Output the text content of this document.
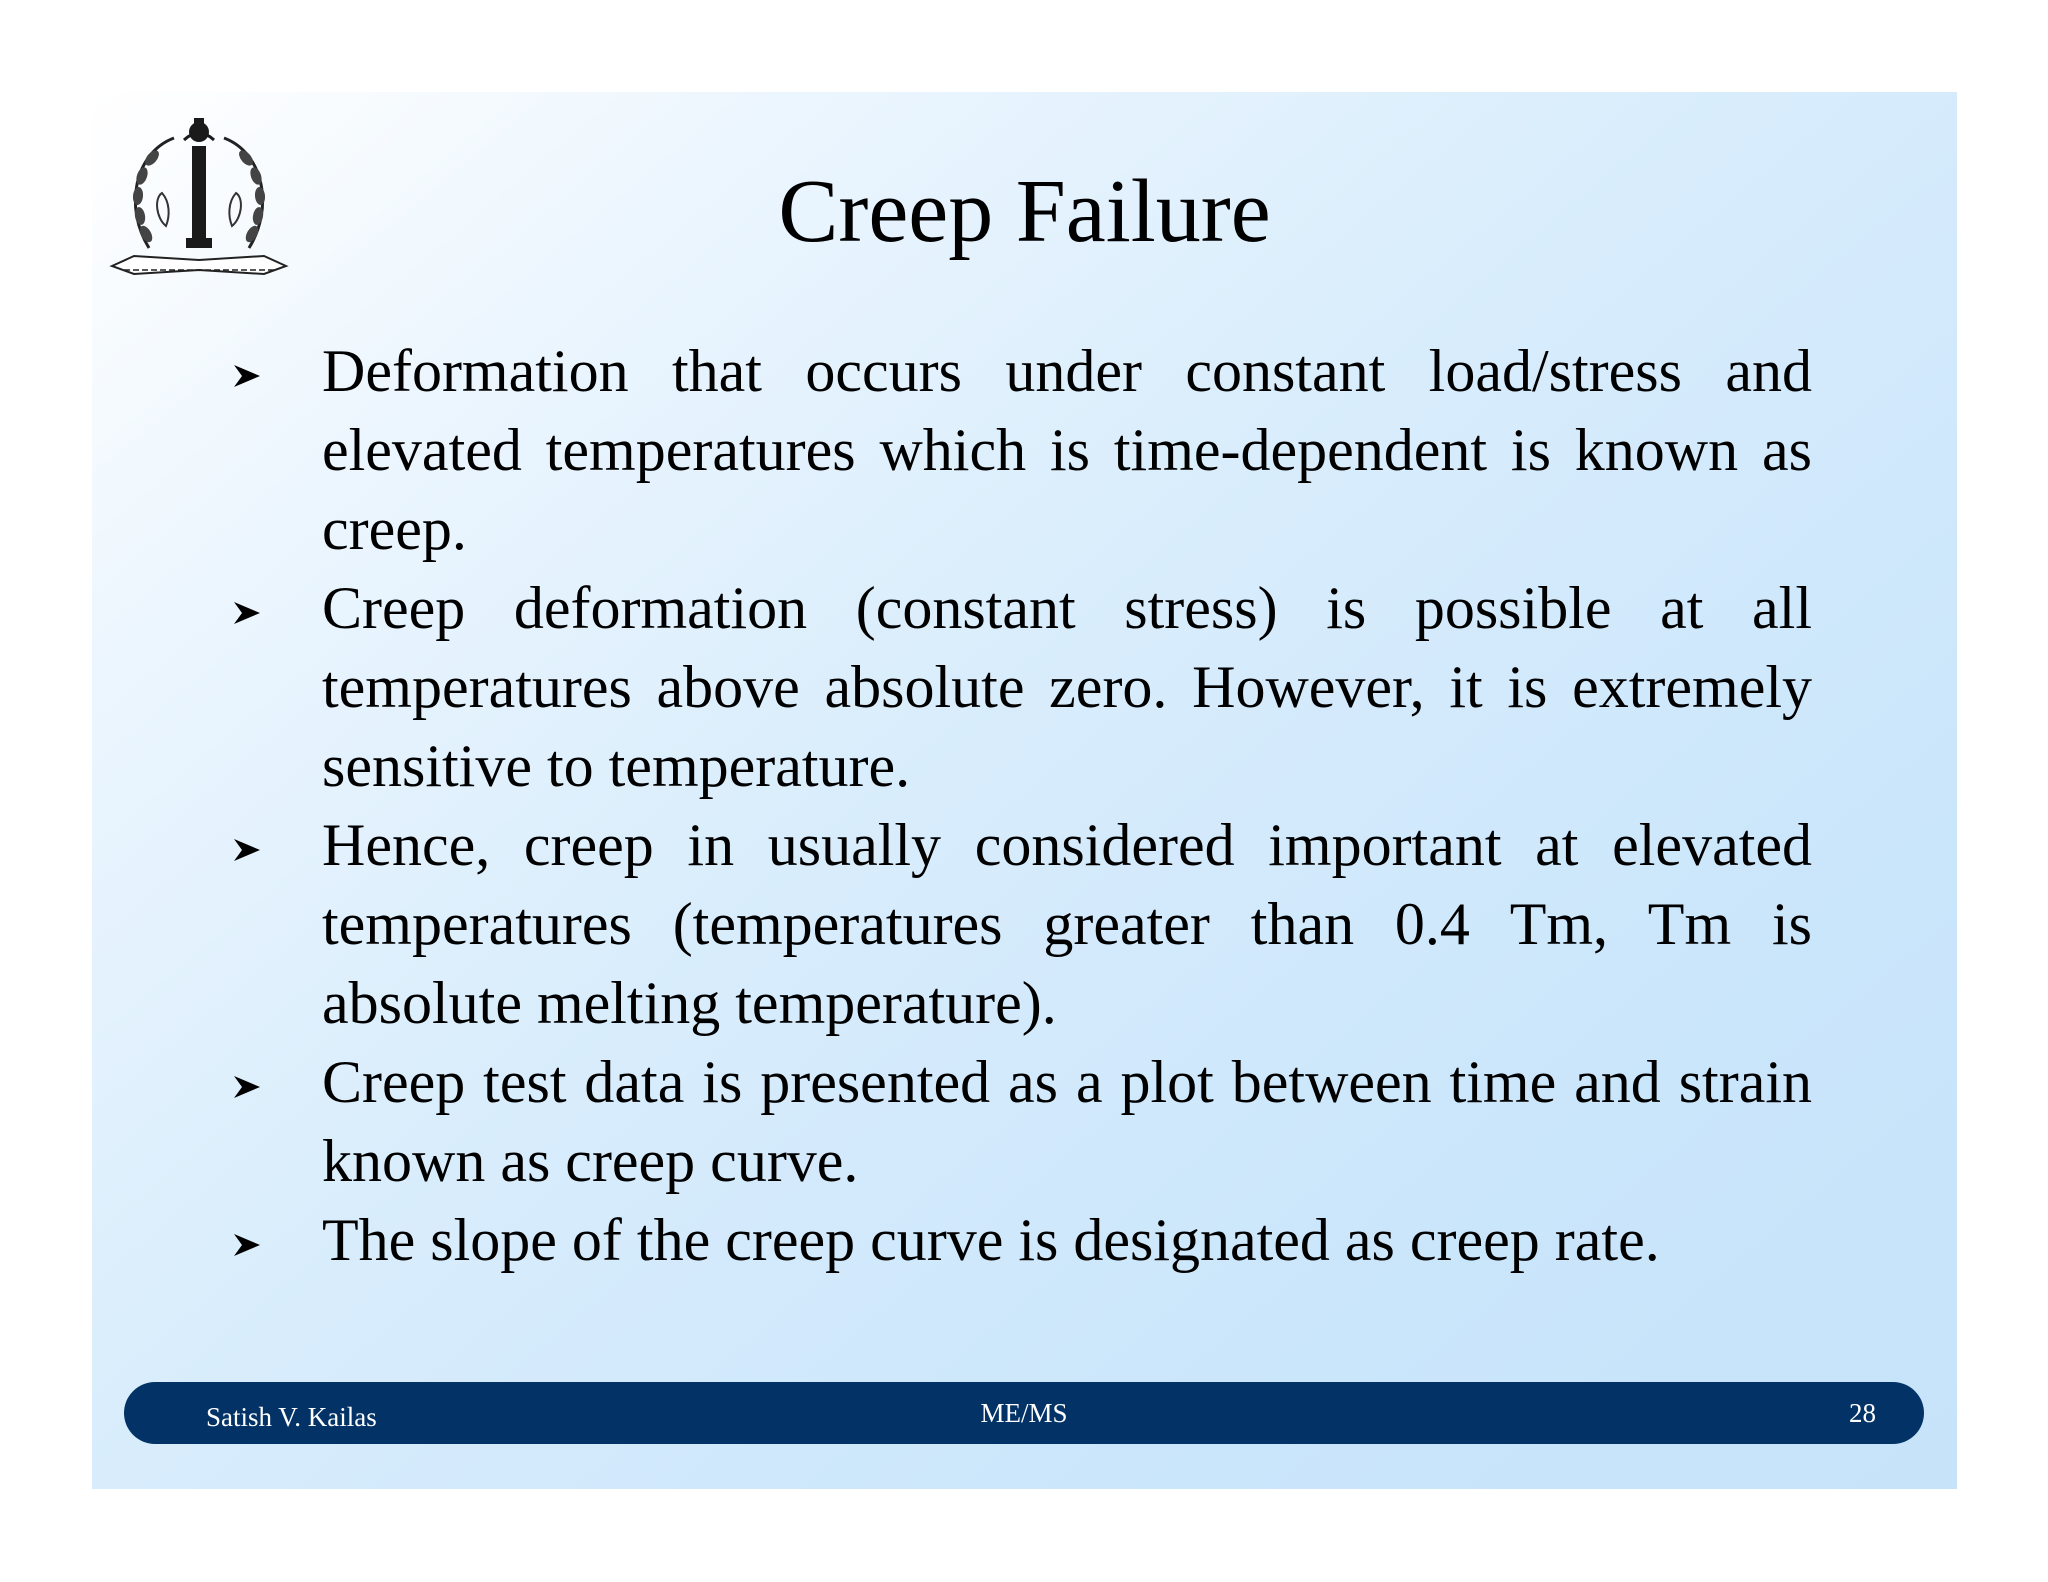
Creep Failure
Deformation that occurs under constant load/stress and elevated temperatures which is time-dependent is known as creep.
Creep deformation (constant stress) is possible at all temperatures above absolute zero. However, it is extremely sensitive to temperature.
Hence, creep in usually considered important at elevated temperatures (temperatures greater than 0.4 Tm, Tm is absolute melting temperature).
Creep test data is presented as a plot between time and strain known as creep curve.
The slope of the creep curve is designated as creep rate.
Satish V. Kailas	ME/MS	28
